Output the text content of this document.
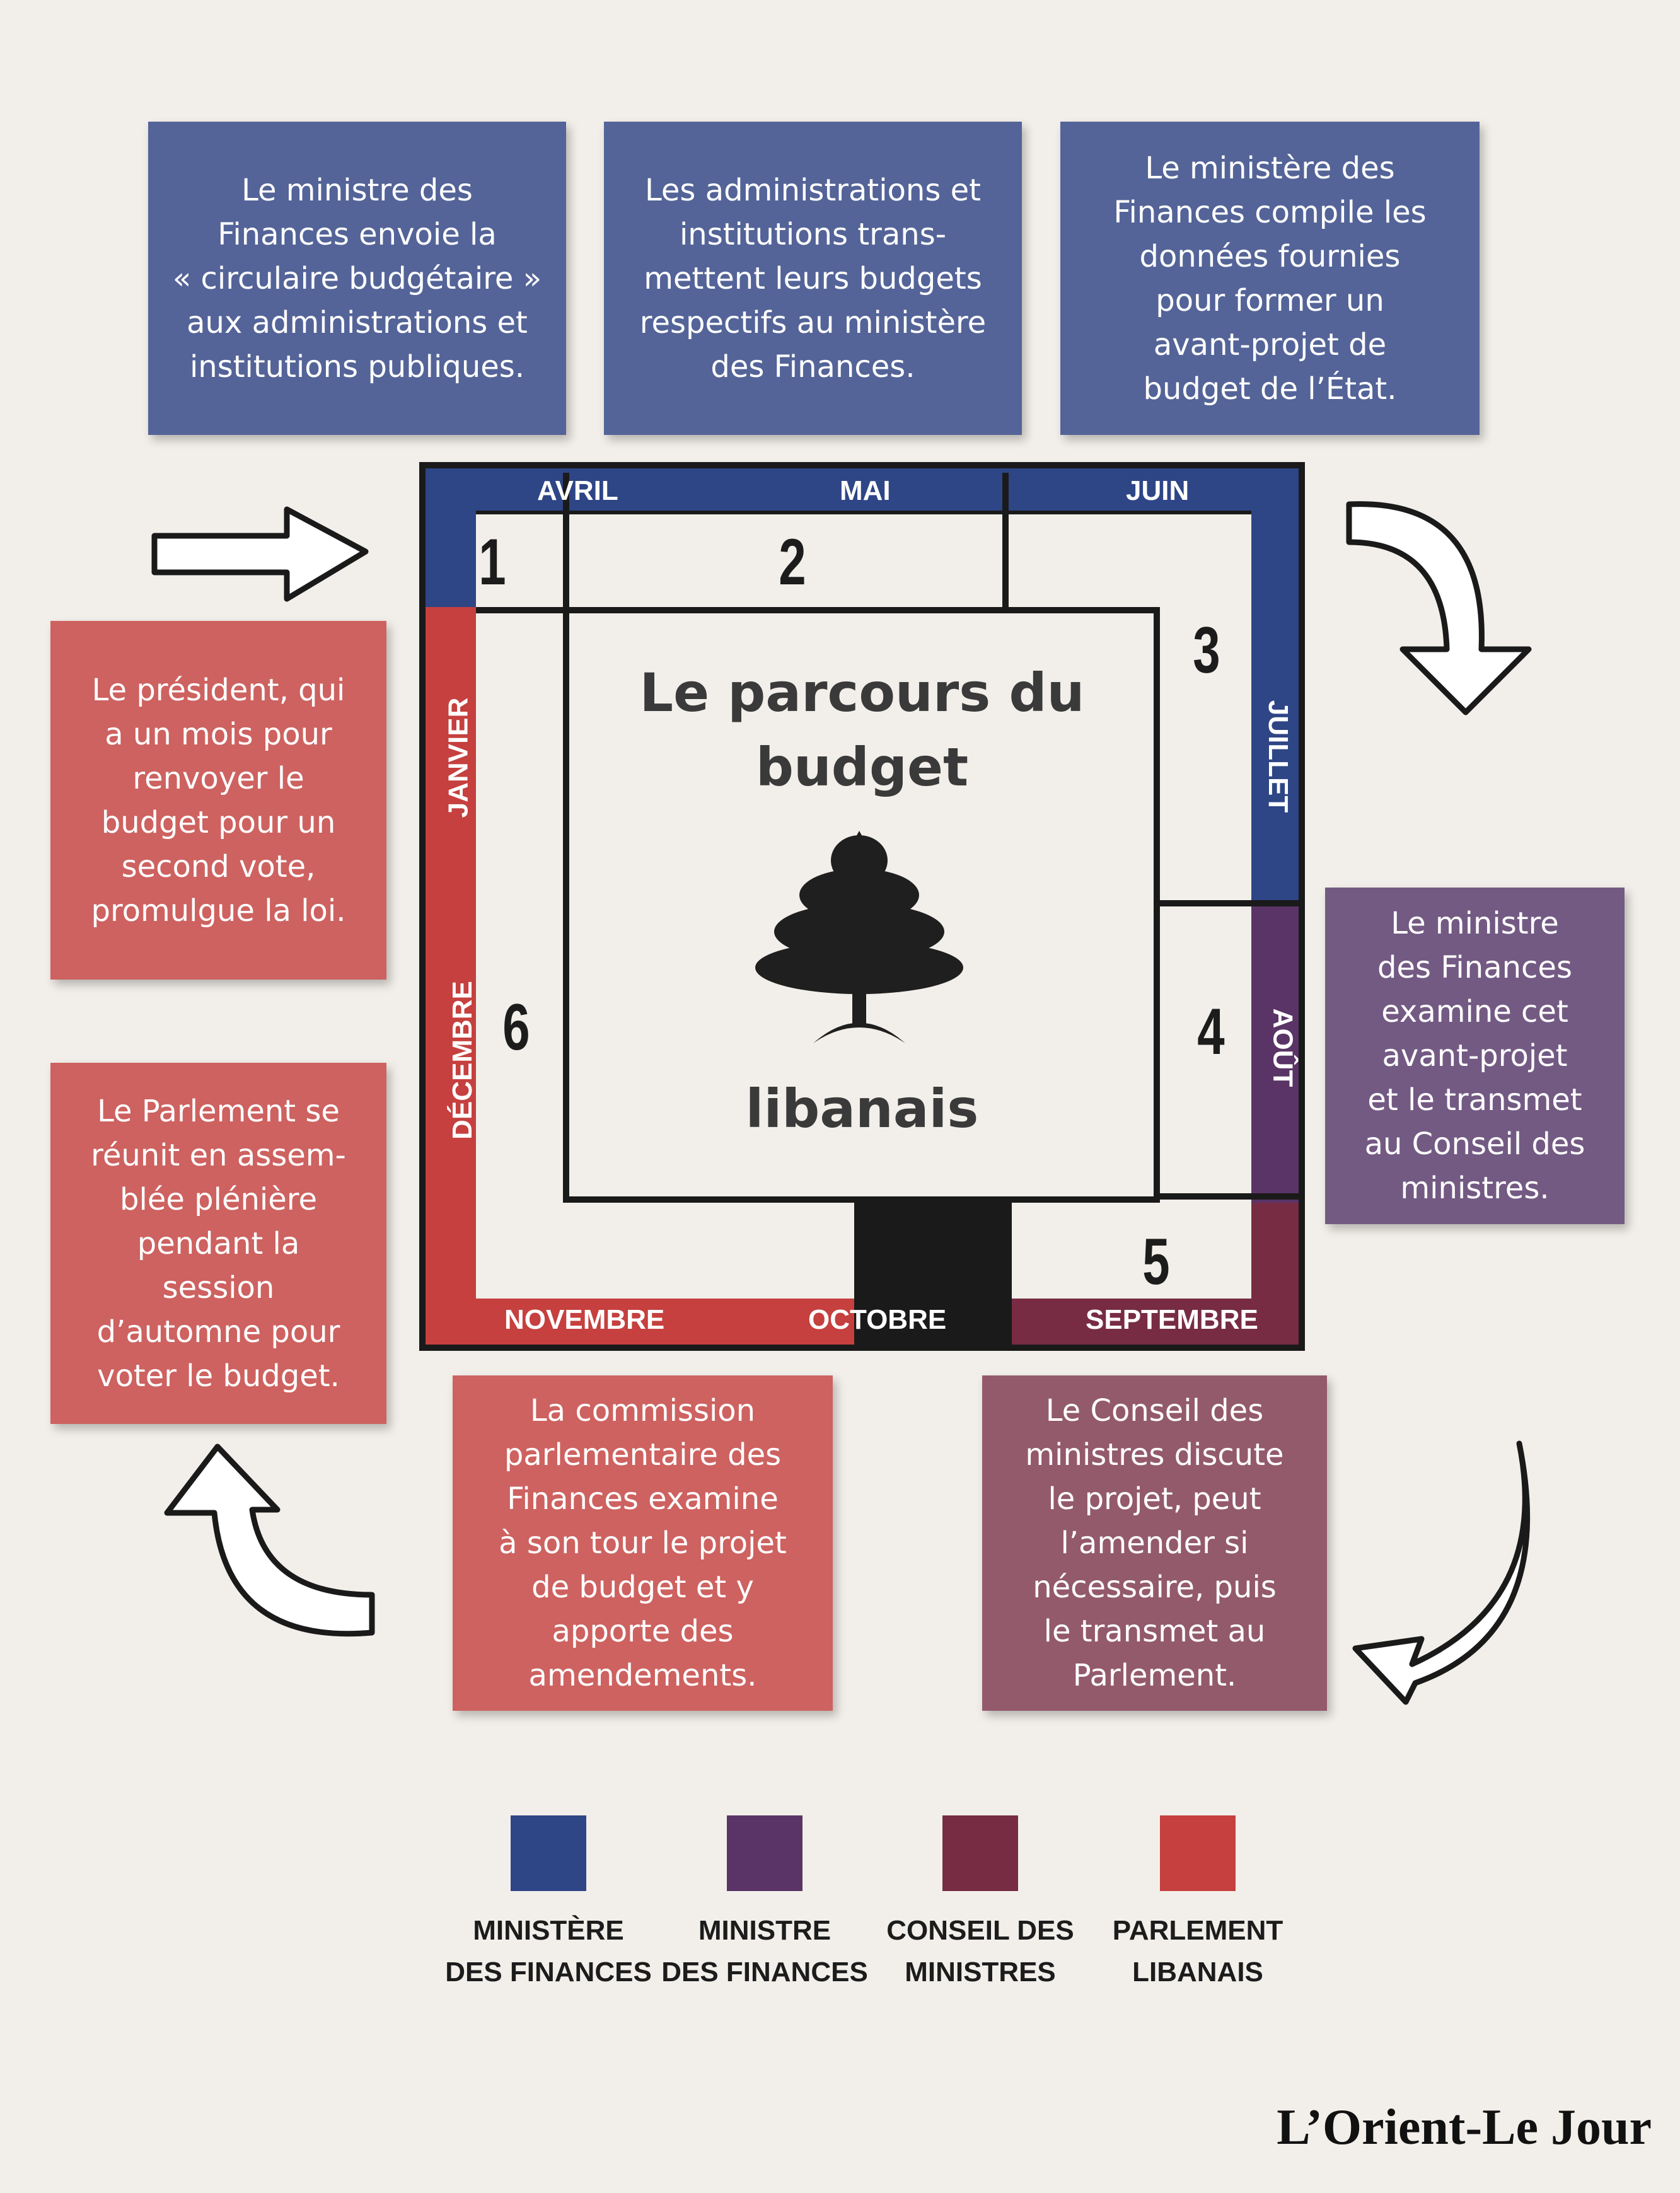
Le ministre des
Finances envoie la
« circulaire budgétaire »
aux administrations et
institutions publiques.
Les administrations et
institutions trans-
mettent leurs budgets
respectifs au ministère
des Finances.
Le ministère des
Finances compile les
données fournies
pour former un
avant-projet de
budget de l’État.
Le président, qui
a un mois pour
renvoyer le
budget pour un
second vote,
promulgue la loi.
Le Parlement se
réunit en assem-
blée plénière
pendant la
session
d’automne pour
voter le budget.
Le ministre
des Finances
examine cet
avant-projet
et le transmet
au Conseil des
ministres.
La commission
parlementaire des
Finances examine
à son tour le projet
de budget et y
apporte des
amendements.
Le Conseil des
ministres discute
le projet, peut
l’amender si
nécessaire, puis
le transmet au
Parlement.
AVRIL	MAI	JUIN
JUILLET
AOÛT
SEPTEMBRE
OCTOBRE
NOVEMBRE
DÉCEMBRE
JANVIER
1	2
3
4
5
6
Le parcours du
budget
libanais
MINISTÈRE
DES FINANCES
MINISTRE
DES FINANCES
CONSEIL DES
MINISTRES
PARLEMENT
LIBANAIS
L’Orient-Le Jour
